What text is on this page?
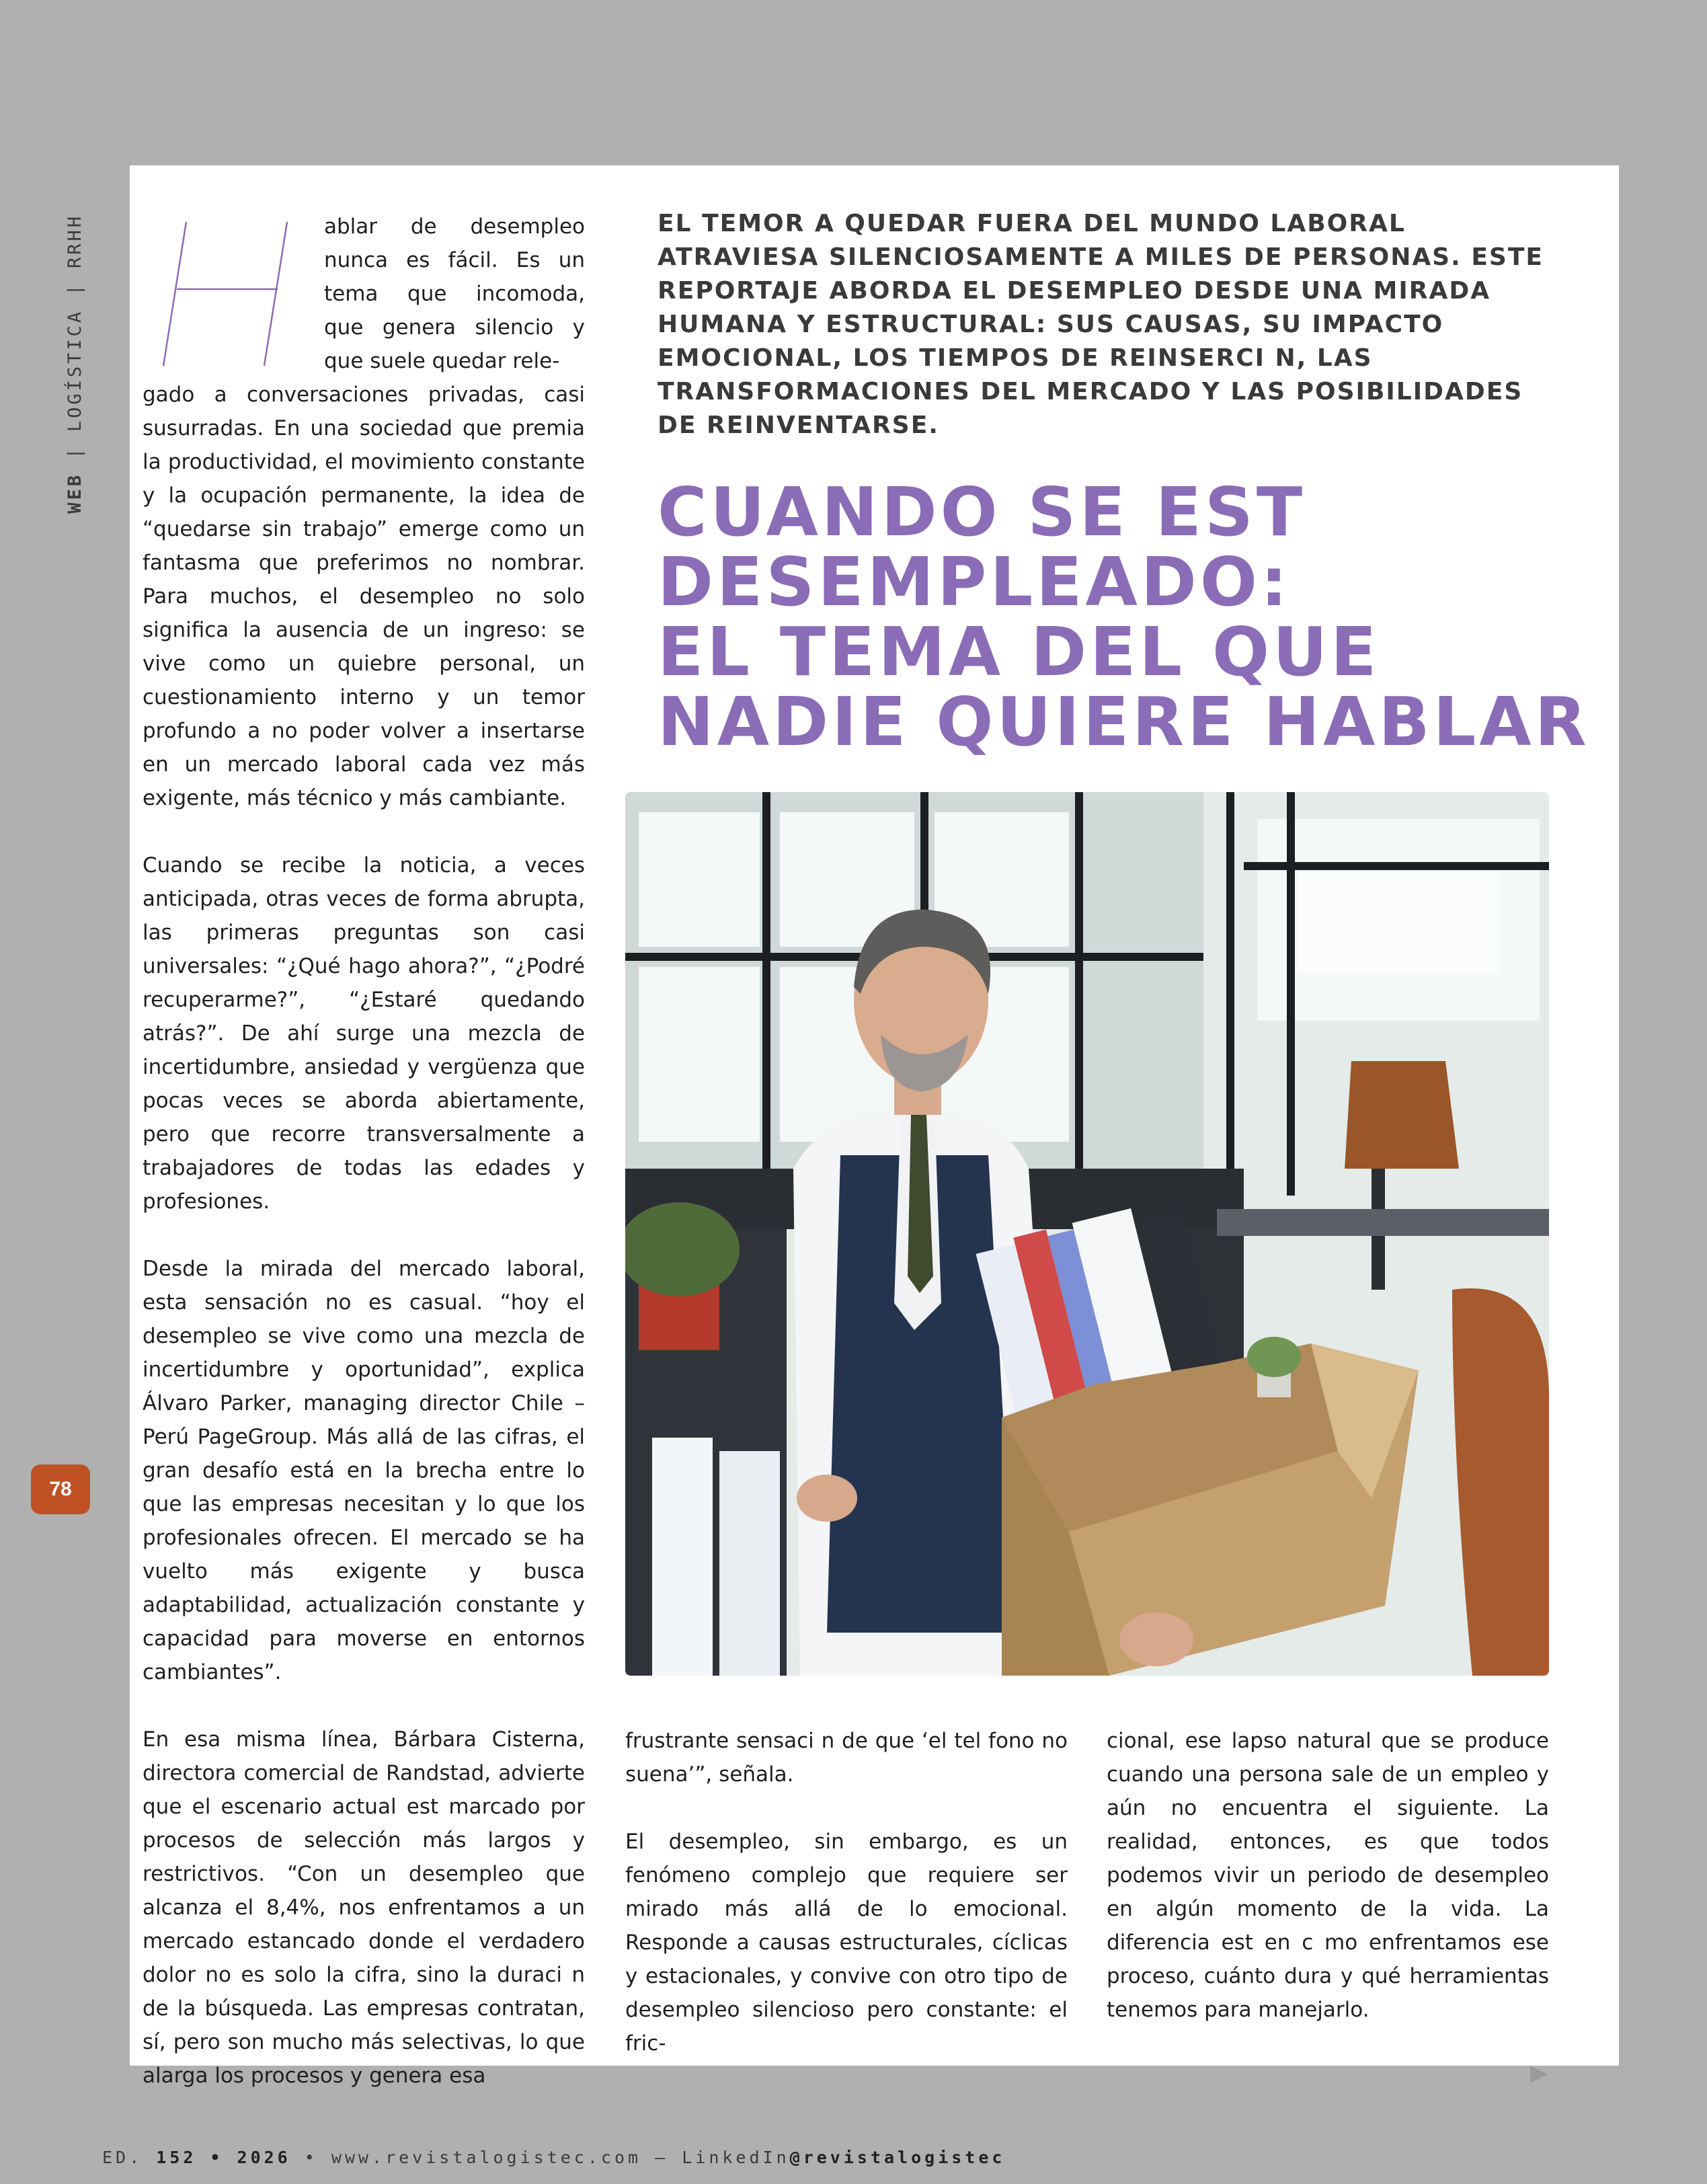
WEB | LOGÍSTICA | RRHH
78

ablar de desempleo nunca es fácil. Es un tema que incomoda, que genera silencio y que suele quedar rele-
gado a conversaciones privadas, casi susurradas. En una sociedad que premia la productividad, el movimiento constante y la ocupación permanente, la idea de “quedarse sin trabajo” emerge como un fantasma que preferimos no nombrar. Para muchos, el desempleo no solo significa la ausencia de un ingreso: se vive como un quiebre personal, un cuestionamiento interno y un temor profundo a no poder volver a insertarse en un mercado laboral cada vez más exigente, más técnico y más cambiante.

Cuando se recibe la noticia, a veces anticipada, otras veces de forma abrupta, las primeras preguntas son casi universales: “¿Qué hago ahora?”, “¿Podré recuperarme?”, “¿Estaré quedando atrás?”. De ahí surge una mezcla de incertidumbre, ansiedad y vergüenza que pocas veces se aborda abiertamente, pero que recorre transversalmente a trabajadores de todas las edades y profesiones.

Desde la mirada del mercado laboral, esta sensación no es casual. “hoy el desempleo se vive como una mezcla de incertidumbre y oportunidad”, explica Álvaro Parker, managing director Chile – Perú PageGroup. Más allá de las cifras, el gran desafío está en la brecha entre lo que las empresas necesitan y lo que los profesionales ofrecen. El mercado se ha vuelto más exigente y busca adaptabilidad, actualización constante y capacidad para moverse en entornos cambiantes”.

En esa misma línea, Bárbara Cisterna, directora comercial de Randstad, advierte que el escenario actual est marcado por procesos de selección más largos y restrictivos. “Con un desempleo que alcanza el 8,4%, nos enfrentamos a un mercado estancado donde el verdadero dolor no es solo la cifra, sino la duraci n de la búsqueda. Las empresas contratan, sí, pero son mucho más selectivas, lo que alarga los procesos y genera esa

EL TEMOR A QUEDAR FUERA DEL MUNDO LABORAL ATRAVIESA SILENCIOSAMENTE A MILES DE PERSONAS. ESTE REPORTAJE ABORDA EL DESEMPLEO DESDE UNA MIRADA HUMANA Y ESTRUCTURAL: SUS CAUSAS, SU IMPACTO EMOCIONAL, LOS TIEMPOS DE REINSERCI N, LAS TRANSFORMACIONES DEL MERCADO Y LAS POSIBILIDADES DE REINVENTARSE.
CUANDO SE EST
DESEMPLEADO:
EL TEMA DEL QUE
NADIE QUIERE HABLAR

frustrante sensaci n de que ‘el tel fono no suena’”, señala.

El desempleo, sin embargo, es un fenómeno complejo que requiere ser mirado más allá de lo emocional. Responde a causas estructurales, cíclicas y estacionales, y convive con otro tipo de desempleo silencioso pero constante: el fric-

cional, ese lapso natural que se produce cuando una persona sale de un empleo y aún no encuentra el siguiente. La realidad, entonces, es que todos podemos vivir un periodo de desempleo en algún momento de la vida. La diferencia est en c mo enfrentamos ese proceso, cuánto dura y qué herramientas tenemos para manejarlo.

ED. 152 • 2026 • www.revistalogistec.com – LinkedIn@revistalogistec
